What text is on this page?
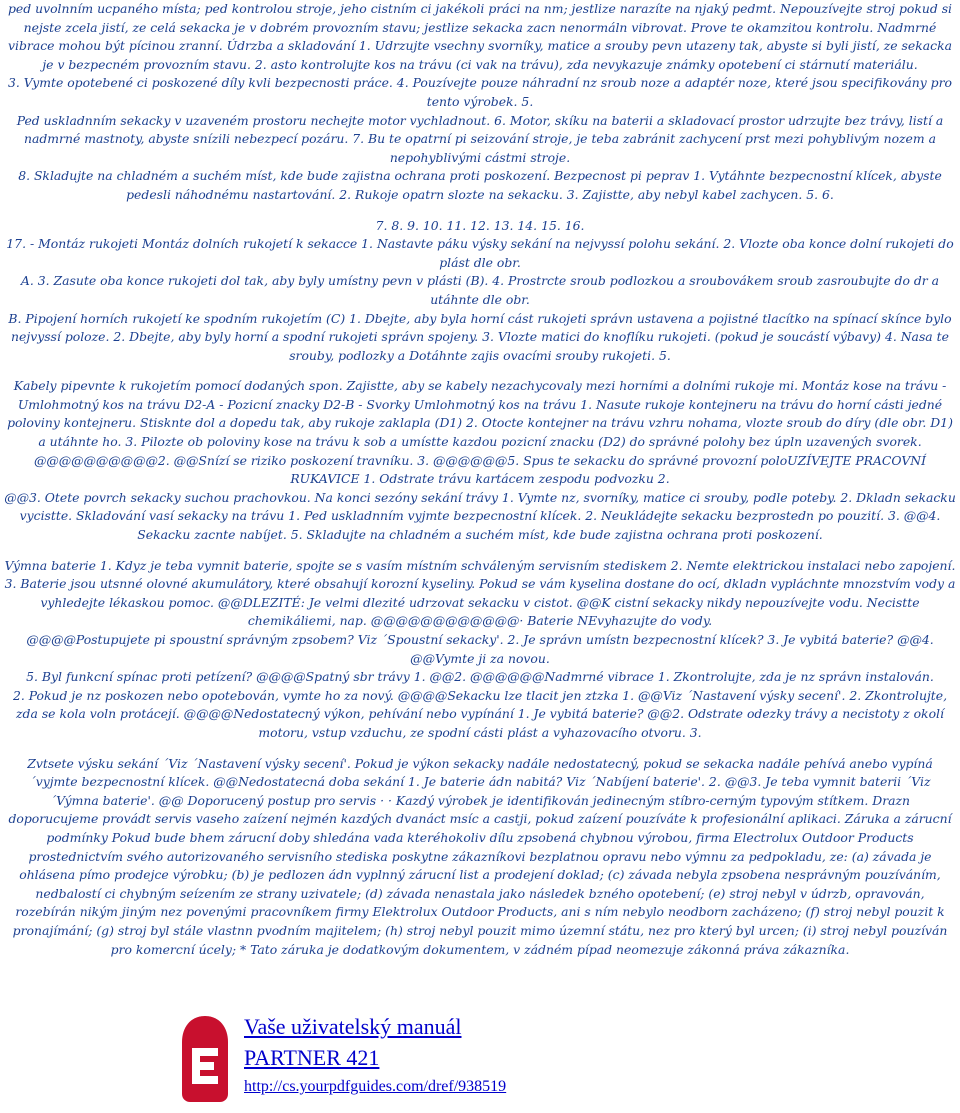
ped uvolnním ucpaného místa; ped kontrolou stroje, jeho cistním ci jakékoli práci na nm; jestlize narazíte na njaký pedmt. Nepouzívejte stroj pokud si nejste zcela jistí, ze celá sekacka je v dobrém provozním stavu; jestlize sekacka zacn nenormáln vibrovat. Prove te okamzitou kontrolu. Nadmrné vibrace mohou být pícinou zranní. Údrzba a skladování 1. Udrzujte vsechny svorníky, matice a srouby pevn utazeny tak, abyste si byli jistí, ze sekacka je v bezpecném provozním stavu. 2. asto kontrolujte kos na trávu (ci vak na trávu), zda nevykazuje známky opotebení ci stárnutí materiálu.

3. Vymte opotebené ci poskozené díly kvli bezpecnosti práce. 4. Pouzívejte pouze náhradní nz sroub noze a adaptér noze, které jsou specifikovány pro tento výrobek. 5.

Ped uskladnním sekacky v uzaveném prostoru nechejte motor vychladnout. 6. Motor, skíku na baterii a skladovací prostor udrzujte bez trávy, listí a nadmrné mastnoty, abyste snízili nebezpecí pozáru. 7. Bu te opatrní pi seizování stroje, je teba zabránit zachycení prst mezi pohyblivým nozem a nepohyblivými cástmi stroje.

8. Skladujte na chladném a suchém míst, kde bude zajistna ochrana proti poskození. Bezpecnost pi peprav 1. Vytáhnte bezpecnostní klícek, abyste pedesli náhodnému nastartování. 2. Rukoje opatrn slozte na sekacku. 3. Zajistte, aby nebyl kabel zachycen. 5. 6.

7. 8. 9. 10. 11. 12. 13. 14. 15. 16.

17. - Montáz rukojeti Montáz dolních rukojetí k sekacce 1. Nastavte páku výsky sekání na nejvyssí polohu sekání. 2. Vlozte oba konce dolní rukojeti do plást dle obr.

A. 3. Zasute oba konce rukojeti dol tak, aby byly umístny pevn v plásti (B). 4. Prostrcte sroub podlozkou a sroubovákem sroub zasroubujte do dr a utáhnte dle obr.

B. Pipojení horních rukojetí ke spodním rukojetím (C) 1. Dbejte, aby byla horní cást rukojeti správn ustavena a pojistné tlacítko na spínací skínce bylo nejvyssí poloze. 2. Dbejte, aby byly horní a spodní rukojeti správn spojeny. 3. Vlozte matici do knoflíku rukojeti. (pokud je soucástí výbavy) 4. Nasa te srouby, podlozky a Dotáhnte zajis ovacími srouby rukojeti. 5.

Kabely pipevnte k rukojetím pomocí dodaných spon. Zajistte, aby se kabely nezachycovaly mezi horními a dolními rukoje mi. Montáz kose na trávu - Umlohmotný kos na trávu D2-A - Pozicní znacky D2-B - Svorky Umlohmotný kos na trávu 1. Nasute rukoje kontejneru na trávu do horní cásti jedné poloviny kontejneru. Stisknte dol a dopedu tak, aby rukoje zaklapla (D1) 2. Otocte kontejner na trávu vzhru nohama, vlozte sroub do díry (dle obr. D1) a utáhnte ho. 3. Pilozte ob poloviny kose na trávu k sob a umístte kazdou pozicní znacku (D2) do správné polohy bez úpln uzavených svorek. @@@@@@@@@@2. @@Snízí se riziko poskození travníku. 3. @@@@@@5. Spus te sekacku do správné provozní poloUZÍVEJTE PRACOVNÍ RUKAVICE 1. Odstrate trávu kartácem zespodu podvozku 2.

@@3. Otete povrch sekacky suchou prachovkou. Na konci sezóny sekání trávy 1. Vymte nz, svorníky, matice ci srouby, podle poteby. 2. Dkladn sekacku vycistte. Skladování vasí sekacky na trávu 1. Ped uskladnním vyjmte bezpecnostní klícek. 2. Neukládejte sekacku bezprostedn po pouzití. 3. @@4. Sekacku zacnte nabíjet. 5. Skladujte na chladném a suchém míst, kde bude zajistna ochrana proti poskození.

Výmna baterie 1. Kdyz je teba vymnit baterie, spojte se s vasím místním schváleným servisním stediskem 2. Nemte elektrickou instalaci nebo zapojení. 3. Baterie jsou utsnné olovné akumulátory, které obsahují korozní kyseliny. Pokud se vám kyselina dostane do ocí, dkladn vypláchnte mnozstvím vody a vyhledejte lékaskou pomoc. @@DLEZITÉ: Je velmi dlezité udrzovat sekacku v cistot. @@K cistní sekacky nikdy nepouzívejte vodu. Necistte chemikáliemi, nap. @@@@@@@@@@@@· Baterie NEvyhazujte do vody.

@@@@Postupujete pi spoustní správným zpsobem? Viz ´Spoustní sekacky'. 2. Je správn umístn bezpecnostní klícek? 3. Je vybitá baterie? @@4. @@Vymte ji za novou.

5. Byl funkcní spínac proti petízení? @@@@Spatný sbr trávy 1. @@2. @@@@@@Nadmrné vibrace 1. Zkontrolujte, zda je nz správn instalován.

2. Pokud je nz poskozen nebo opotebován, vymte ho za nový. @@@@Sekacku lze tlacit jen ztzka 1. @@Viz ´Nastavení výsky secení'. 2. Zkontrolujte, zda se kola voln protácejí. @@@@Nedostatecný výkon, pehívání nebo vypínání 1. Je vybitá baterie? @@2. Odstrate odezky trávy a necistoty z okolí motoru, vstup vzduchu, ze spodní cásti plást a vyhazovacího otvoru. 3.

Zvtsete výsku sekání ´Viz ´Nastavení výsky secení'. Pokud je výkon sekacky nadále nedostatecný, pokud se sekacka nadále pehívá anebo vypíná ´vyjmte bezpecnostní klícek. @@Nedostatecná doba sekání 1. Je baterie ádn nabitá? Viz ´Nabíjení baterie'. 2. @@3. Je teba vymnit baterii ´Viz ´Výmna baterie'. @@ Doporucený postup pro servis · · Kazdý výrobek je identifikován jedinecným stíbro-cerným typovým stítkem. Drazn doporucujeme provádt servis vaseho zaízení nejmén kazdých dvanáct msíc a castji, pokud zaízení pouzíváte k profesionální aplikaci. Záruka a zárucní podmínky Pokud bude bhem zárucní doby shledána vada kteréhokoliv dílu zpsobená chybnou výrobou, firma Electrolux Outdoor Products prostednictvím svého autorizovaného servisního stediska poskytne zákazníkovi bezplatnou opravu nebo výmnu za pedpokladu, ze: (a) závada je ohlásena pímo prodejce výrobku; (b) je pedlozen ádn vyplnný zárucní list a prodejení doklad; (c) závada nebyla zpsobena nesprávným pouzíváním, nedbalostí ci chybným seízením ze strany uzivatele; (d) závada nenastala jako následek bzného opotebení; (e) stroj nebyl v údrzb, opravován, rozebírán nikým jiným nez povenými pracovníkem firmy Elektrolux Outdoor Products, ani s ním nebylo neodborn zacházeno; (f) stroj nebyl pouzit k pronajímání; (g) stroj byl stále vlastnn pvodním majitelem; (h) stroj nebyl pouzit mimo územní státu, nez pro který byl urcen; (i) stroj nebyl pouzíván pro komercní úcely; * Tato záruka je dodatkovým dokumentem, v zádném pípad neomezuje zákonná práva zákazníka.

Vaše uživatelský manuál
PARTNER 421
http://cs.yourpdfguides.com/dref/938519
